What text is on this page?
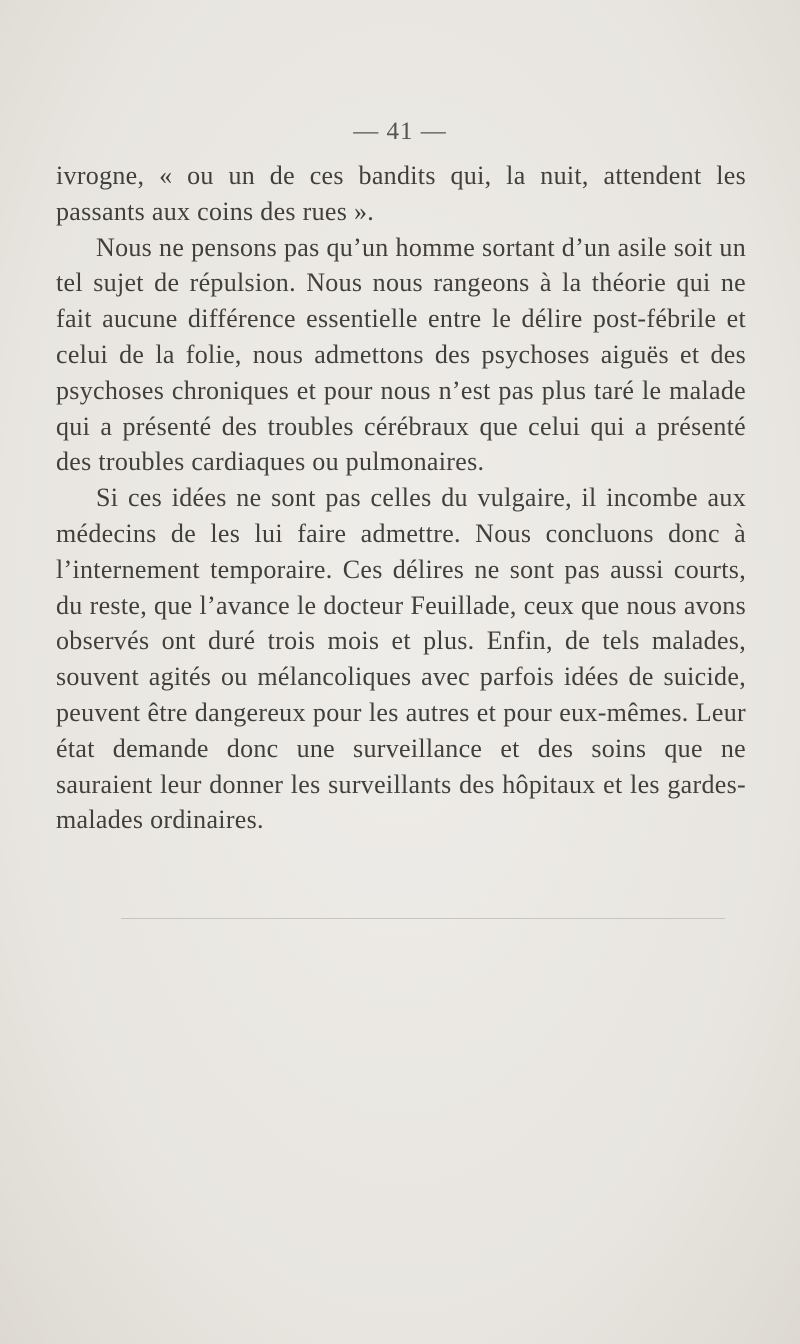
— 41 —

ivrogne, « ou un de ces bandits qui, la nuit, attendent les passants aux coins des rues ».

Nous ne pensons pas qu’un homme sortant d’un asile soit un tel sujet de répulsion. Nous nous rangeons à la théorie qui ne fait aucune différence essentielle entre le délire post-fébrile et celui de la folie, nous admettons des psychoses aiguës et des psychoses chroniques et pour nous n’est pas plus taré le malade qui a présenté des troubles cérébraux que celui qui a présenté des troubles cardiaques ou pulmonaires.

Si ces idées ne sont pas celles du vulgaire, il incombe aux médecins de les lui faire admettre. Nous concluons donc à l’internement temporaire. Ces délires ne sont pas aussi courts, du reste, que l’avance le docteur Feuillade, ceux que nous avons observés ont duré trois mois et plus. Enfin, de tels malades, souvent agités ou mélancoliques avec parfois idées de suicide, peuvent être dangereux pour les autres et pour eux-mêmes. Leur état demande donc une surveillance et des soins que ne sauraient leur donner les surveillants des hôpitaux et les gardes-malades ordinaires.
